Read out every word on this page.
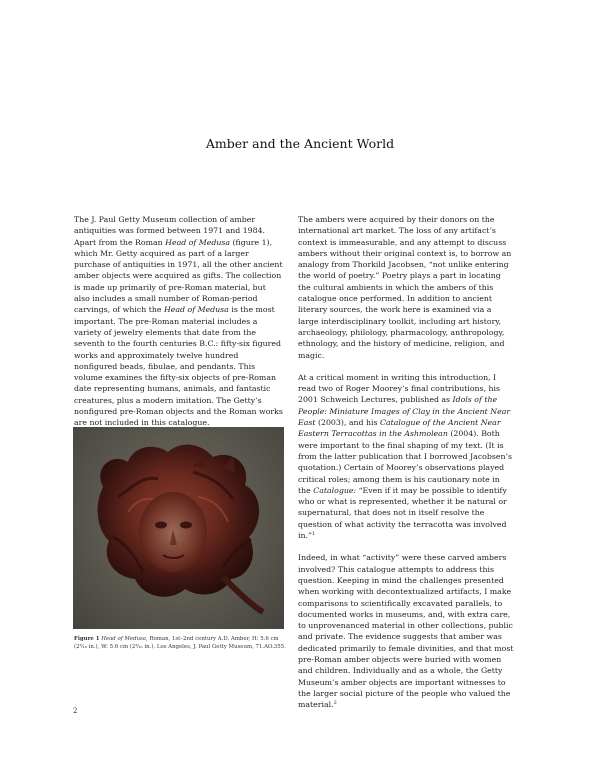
Amber and the Ancient World

The J. Paul Getty Museum collection of amber antiquities was formed between 1971 and 1984. Apart from the Roman Head of Medusa (figure 1), which Mr. Getty acquired as part of a larger purchase of antiquities in 1971, all the other ancient amber objects were acquired as gifts. The collection is made up primarily of pre-Roman material, but also includes a small number of Roman-period carvings, of which the Head of Medusa is the most important. The pre-Roman material includes a variety of jewelry elements that date from the seventh to the fourth centuries B.C.: fifty-six figured works and approximately twelve hundred nonfigured beads, fibulae, and pendants. This volume examines the fifty-six objects of pre-Roman date representing humans, animals, and fantastic creatures, plus a modern imitation. The Getty’s nonfigured pre-Roman objects and the Roman works are not included in this catalogue.

Figure 1 Head of Medusa, Roman, 1st–2nd century A.D. Amber, H: 5.6 cm (2³⁄₁₆ in.), W: 5.6 cm (2³⁄₁₆ in.). Los Angeles, J. Paul Getty Museum, 71.AO.355.

The ambers were acquired by their donors on the international art market. The loss of any artifact’s context is immeasurable, and any attempt to discuss ambers without their original context is, to borrow an analogy from Thorkild Jacobsen, “not unlike entering the world of poetry.” Poetry plays a part in locating the cultural ambients in which the ambers of this catalogue once performed. In addition to ancient literary sources, the work here is examined via a large interdisciplinary toolkit, including art history, archaeology, philology, pharmacology, anthropology, ethnology, and the history of medicine, religion, and magic.

At a critical moment in writing this introduction, I read two of Roger Moorey’s final contributions, his 2001 Schweich Lectures, published as Idols of the People: Miniature Images of Clay in the Ancient Near East (2003), and his Catalogue of the Ancient Near Eastern Terracottas in the Ashmolean (2004). Both were important to the final shaping of my text. (It is from the latter publication that I borrowed Jacobsen’s quotation.) Certain of Moorey’s observations played critical roles; among them is his cautionary note in the Catalogue: “Even if it may be possible to identify who or what is represented, whether it be natural or supernatural, that does not in itself resolve the question of what activity the terracotta was involved in.”$^1$

Indeed, in what “activity” were these carved ambers involved? This catalogue attempts to address this question. Keeping in mind the challenges presented when working with decontextualized artifacts, I make comparisons to scientifically excavated parallels, to documented works in museums, and, with extra care, to unprovenanced material in other collections, public and private. The evidence suggests that amber was dedicated primarily to female divinities, and that most pre-Roman amber objects were buried with women and children. Individually and as a whole, the Getty Museum’s amber objects are important witnesses to the larger social picture of the people who valued the material.$^2$

2
